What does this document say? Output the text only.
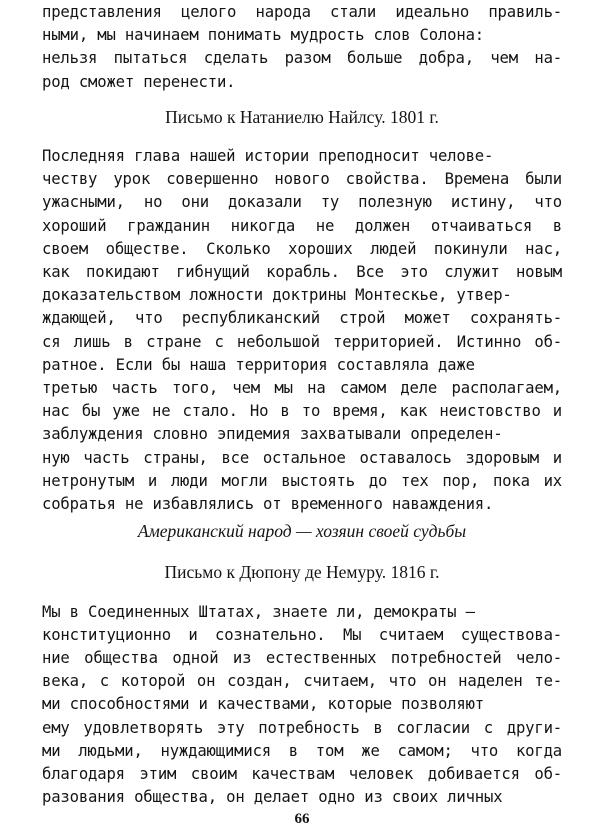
представления целого народа стали идеально правиль-
ными, мы начинаем понимать мудрость слов Солона:
нельзя пытаться сделать разом больше добра, чем на-
род сможет перенести.
Письмо к Натаниелю Найлсу. 1801 г.
Последняя глава нашей истории преподносит челове-
честву урок совершенно нового свойства. Времена были
ужасными, но они доказали ту полезную истину, что
хороший гражданин никогда не должен отчаиваться в
своем обществе. Сколько хороших людей покинули нас,
как покидают гибнущий корабль. Все это служит новым
доказательством ложности доктрины Монтескье, утвер-
ждающей, что республиканский строй может сохранять-
ся лишь в стране с небольшой территорией. Истинно об-
ратное. Если бы наша территория составляла даже
третью часть того, чем мы на самом деле располагаем,
нас бы уже не стало. Но в то время, как неистовство и
заблуждения словно эпидемия захватывали определен-
ную часть страны, все остальное оставалось здоровым и
нетронутым и люди могли выстоять до тех пор, пока их
собратья не избавлялись от временного наваждения.
Американский народ — хозяин своей судьбы
Письмо к Дюпону де Немуру. 1816 г.
Мы в Соединенных Штатах, знаете ли, демократы —
конституционно и сознательно. Мы считаем существова-
ние общества одной из естественных потребностей чело-
века, с которой он создан, считаем, что он наделен те-
ми способностями и качествами, которые позволяют
ему удовлетворять эту потребность в согласии с други-
ми людьми, нуждающимися в том же самом; что когда
благодаря этим своим качествам человек добивается об-
разования общества, он делает одно из своих личных
66
